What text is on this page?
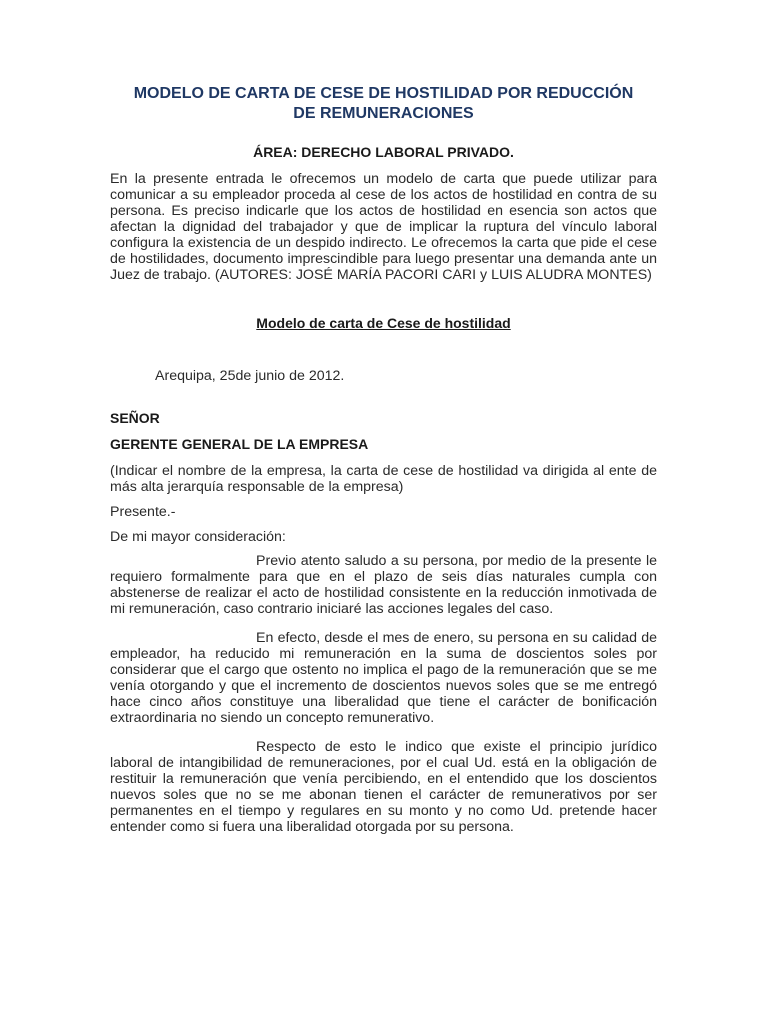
MODELO DE CARTA DE CESE DE HOSTILIDAD POR REDUCCIÓN
DE REMUNERACIONES

ÁREA: DERECHO LABORAL PRIVADO.

En la presente entrada le ofrecemos un modelo de carta que puede utilizar para comunicar a su empleador proceda al cese de los actos de hostilidad en contra de su persona. Es preciso indicarle que los actos de hostilidad en esencia son actos que afectan la dignidad del trabajador y que de implicar la ruptura del vínculo laboral configura la existencia de un despido indirecto. Le ofrecemos la carta que pide el cese de hostilidades, documento imprescindible para luego presentar una demanda ante un Juez de trabajo. (AUTORES: JOSÉ MARÍA PACORI CARI y LUIS ALUDRA MONTES)

Modelo de carta de Cese de hostilidad

Arequipa, 25de junio de 2012.

SEÑOR

GERENTE GENERAL DE LA EMPRESA

(Indicar el nombre de la empresa, la carta de cese de hostilidad va dirigida al ente de más alta jerarquía responsable de la empresa)

Presente.-

De mi mayor consideración:

Previo atento saludo a su persona, por medio de la presente le requiero formalmente para que en el plazo de seis días naturales cumpla con abstenerse de realizar el acto de hostilidad consistente en la reducción inmotivada de mi remuneración, caso contrario iniciaré las acciones legales del caso.

En efecto, desde el mes de enero, su persona en su calidad de empleador, ha reducido mi remuneración en la suma de doscientos soles por considerar que el cargo que ostento no implica el pago de la remuneración que se me venía otorgando y que el incremento de doscientos nuevos soles que se me entregó hace cinco años constituye una liberalidad que tiene el carácter de bonificación extraordinaria no siendo un concepto remunerativo.

Respecto de esto le indico que existe el principio jurídico laboral de intangibilidad de remuneraciones, por el cual Ud. está en la obligación de restituir la remuneración que venía percibiendo, en el entendido que los doscientos nuevos soles que no se me abonan tienen el carácter de remunerativos por ser permanentes en el tiempo y regulares en su monto y no como Ud. pretende hacer entender como si fuera una liberalidad otorgada por su persona.
